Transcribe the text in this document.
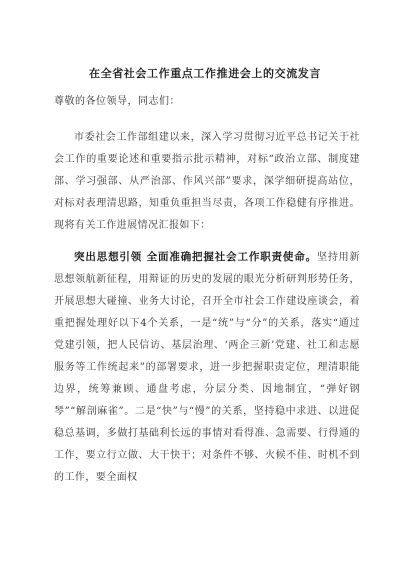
在全省社会工作重点工作推进会上的交流发言

尊敬的各位领导，同志们：

市委社会工作部组建以来，深入学习贯彻习近平总书记关于社会工作的重要论述和重要指示批示精神，对标“政治立部、制度建部、学习强部、从严治部、作风兴部”要求，深学细研提高站位，对标对表理清思路，知重负重担当尽责，各项工作稳健有序推进。现将有关工作进展情况汇报如下：

突出思想引领 全面准确把握社会工作职责使命。坚持用新思想领航新征程，用辩证的历史的发展的眼光分析研判形势任务，开展思想大碰撞、业务大讨论，召开全市社会工作建设座谈会，着重把握处理好以下4个关系，一是“统”与“分”的关系，落实“通过党建引领，把人民信访、基层治理、‘两企三新’党建、社工和志愿服务等工作统起来”的部署要求，进一步把握职责定位，理清职能边界，统筹兼顾、通盘考虑，分层分类、因地制宜，“弹好钢琴”“解剖麻雀”。二是“快”与“慢”的关系，坚持稳中求进、以进促稳总基调，多做打基础利长远的事情对看得准、急需要、行得通的工作，要立行立做、大干快干；对条件不够、火候不佳、时机不到的工作，要全面权
